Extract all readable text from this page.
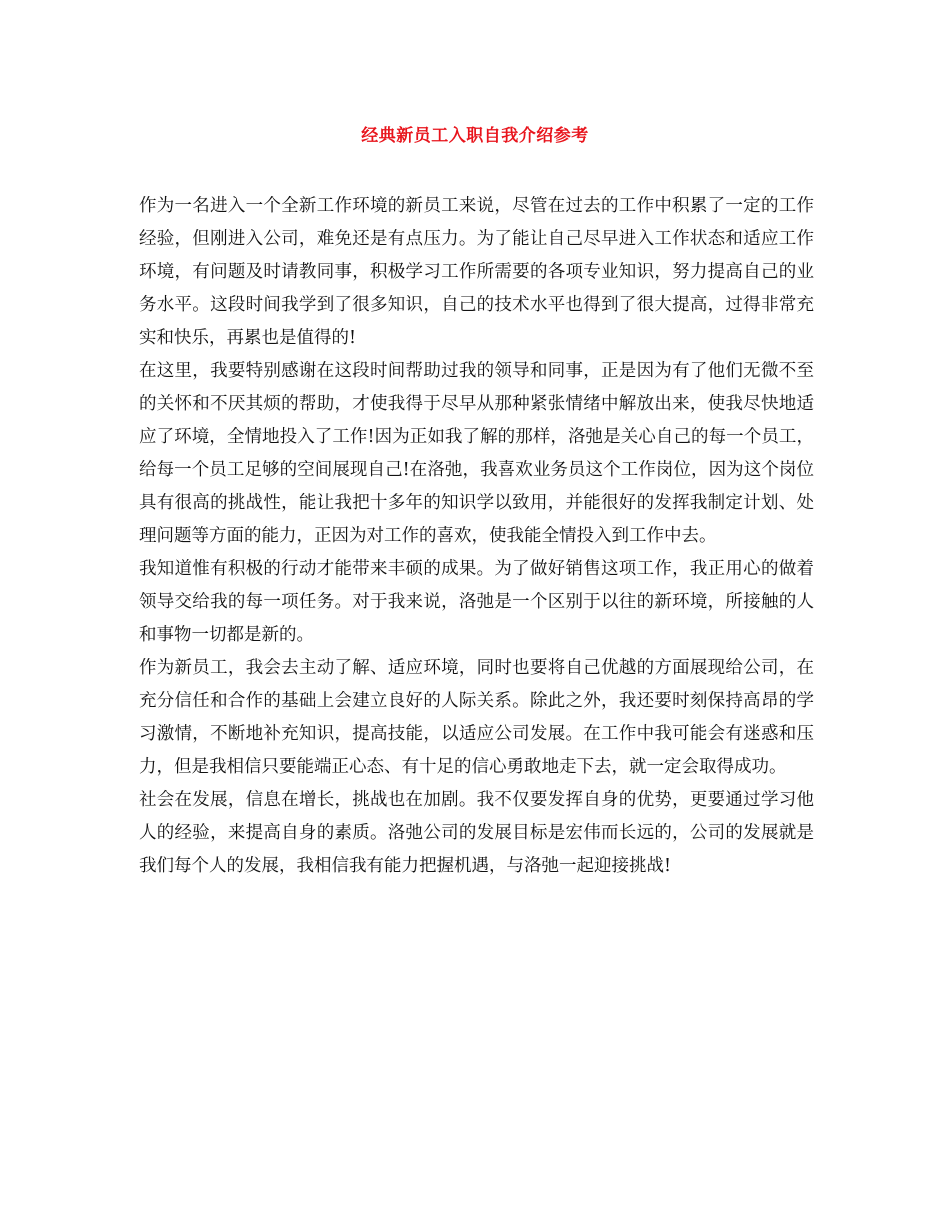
经典新员工入职自我介绍参考

作为一名进入一个全新工作环境的新员工来说，尽管在过去的工作中积累了一定的工作经验，但刚进入公司，难免还是有点压力。为了能让自己尽早进入工作状态和适应工作环境，有问题及时请教同事，积极学习工作所需要的各项专业知识，努力提高自己的业务水平。这段时间我学到了很多知识，自己的技术水平也得到了很大提高，过得非常充实和快乐，再累也是值得的!

在这里，我要特别感谢在这段时间帮助过我的领导和同事，正是因为有了他们无微不至的关怀和不厌其烦的帮助，才使我得于尽早从那种紧张情绪中解放出来，使我尽快地适应了环境，全情地投入了工作!因为正如我了解的那样，洛弛是关心自己的每一个员工，给每一个员工足够的空间展现自己!在洛弛，我喜欢业务员这个工作岗位，因为这个岗位具有很高的挑战性，能让我把十多年的知识学以致用，并能很好的发挥我制定计划、处理问题等方面的能力，正因为对工作的喜欢，使我能全情投入到工作中去。

我知道惟有积极的行动才能带来丰硕的成果。为了做好销售这项工作，我正用心的做着领导交给我的每一项任务。对于我来说，洛弛是一个区别于以往的新环境，所接触的人和事物一切都是新的。

作为新员工，我会去主动了解、适应环境，同时也要将自己优越的方面展现给公司，在充分信任和合作的基础上会建立良好的人际关系。除此之外，我还要时刻保持高昂的学习激情，不断地补充知识，提高技能，以适应公司发展。在工作中我可能会有迷惑和压力，但是我相信只要能端正心态、有十足的信心勇敢地走下去，就一定会取得成功。

社会在发展，信息在增长，挑战也在加剧。我不仅要发挥自身的优势，更要通过学习他人的经验，来提高自身的素质。洛弛公司的发展目标是宏伟而长远的，公司的发展就是我们每个人的发展，我相信我有能力把握机遇，与洛弛一起迎接挑战!
